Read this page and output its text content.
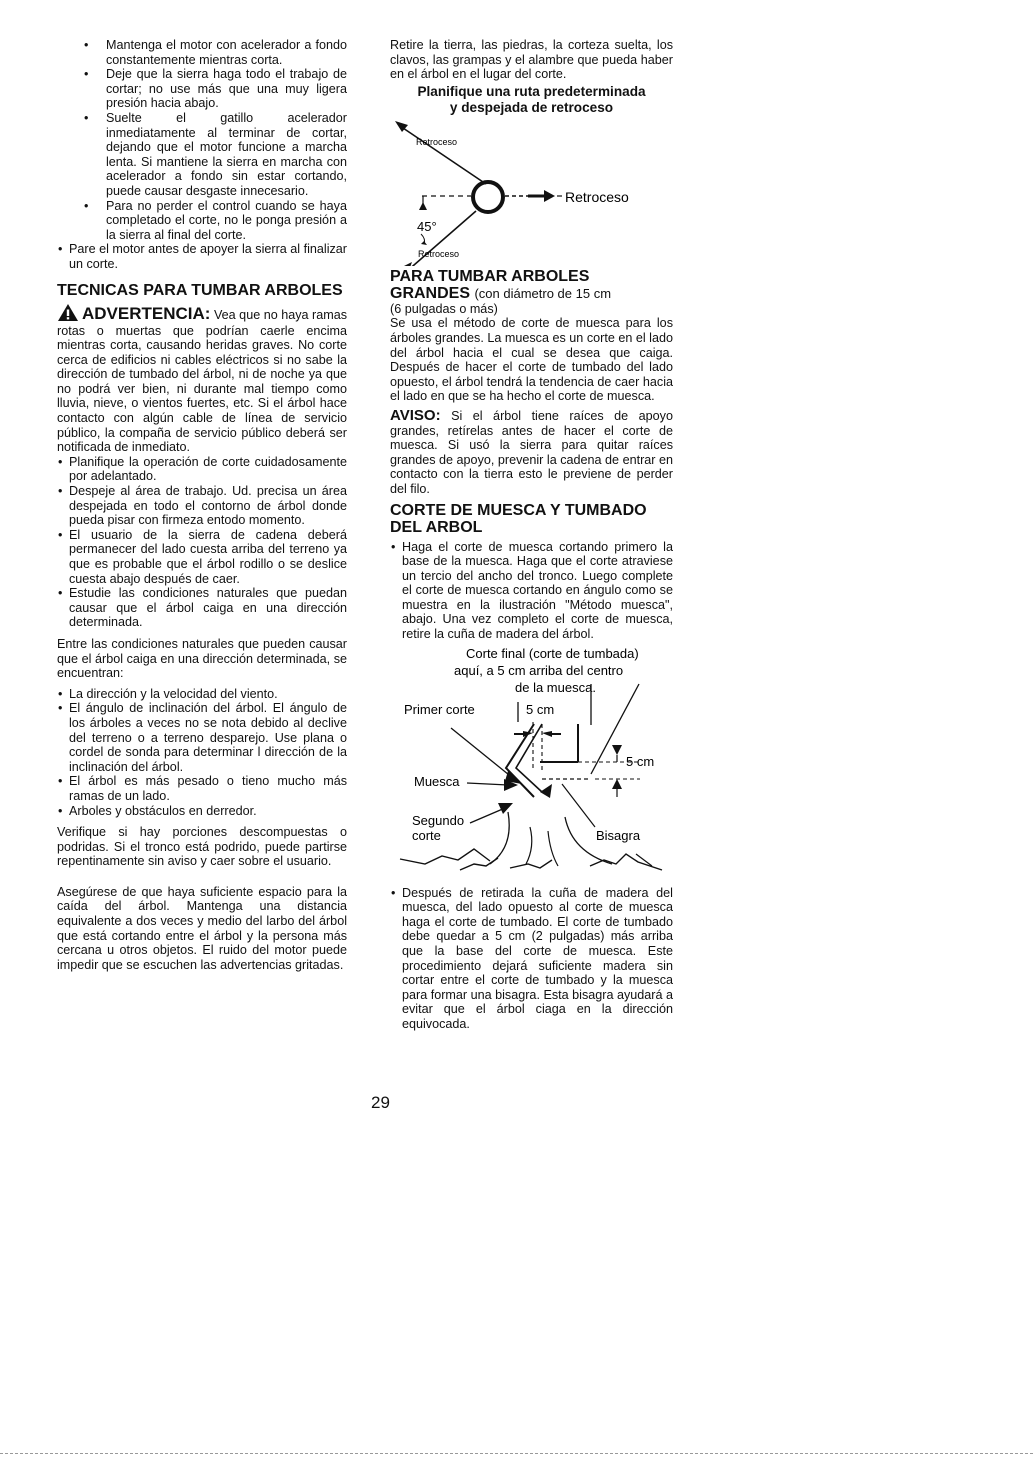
• Mantenga el motor con acelerador a fondo constantemente mientras corta.
• Deje que la sierra haga todo el trabajo de cortar; no use más que una muy ligera presión hacia abajo.
• Suelte el gatillo acelerador inmediatamente al terminar de cortar, dejando que el motor funcione a marcha lenta. Si mantiene la sierra en marcha con acelerador a fondo sin estar cortando, puede causar desgaste innecesario.
• Para no perder el control cuando se haya completado el corte, no le ponga presión a la sierra al final del corte.
• Pare el motor antes de apoyer la sierra al finalizar un corte.
TECNICAS PARA TUMBAR ARBOLES

ADVERTENCIA: Vea que no haya ramas rotas o muertas que podrían caerle encima mientras corta, causando heridas graves. No corte cerca de edificios ni cables eléctricos si no sabe la dirección de tumbado del árbol, ni de noche ya que no podrá ver bien, ni durante mal tiempo como lluvia, nieve, o vientos fuertes, etc. Si el árbol hace contacto con algún cable de línea de servicio público, la compaña de servicio público deberá ser notificada de inmediato.

• Planifique la operación de corte cuidadosamente por adelantado.
• Despeje al área de trabajo. Ud. precisa un área despejada en todo el contorno de árbol donde pueda pisar con firmeza entodo momento.
• El usuario de la sierra de cadena deberá permanecer del lado cuesta arriba del terreno ya que es probable que el árbol rodillo o se deslice cuesta abajo después de caer.
• Estudie las condiciones naturales que puedan causar que el árbol caiga en una dirección determinada.

Entre las condiciones naturales que pueden causar que el árbol caiga en una dirección determinada, se encuentran:

• La dirección y la velocidad del viento.
• El ángulo de inclinación del árbol. El ángulo de los árboles a veces no se nota debido al declive del terreno o a terreno desparejo. Use plana o cordel de sonda para determinar l dirección de la inclinación del árbol.
• El árbol es más pesado o tieno mucho más ramas de un lado.
• Arboles y obstáculos en derredor.

Verifique si hay porciones descompuestas o podridas. Si el tronco está podrido, puede partirse repentinamente sin aviso y caer sobre el usuario.

Asegúrese de que haya suficiente espacio para la caída del árbol. Mantenga una distancia equivalente a dos veces y medio del larbo del árbol que está cortando entre el árbol y la persona más cercana u otros objetos. El ruido del motor puede impedir que se escuchen las advertencias gritadas.

Retire la tierra, las piedras, la corteza suelta, los clavos, las grampas y el alambre que pueda haber en el árbol en el lugar del corte.

Planifique una ruta predeterminada
y despejada de retroceso
Retroceso
Retroceso
45°
Retroceso
PARA TUMBAR ARBOLES
GRANDES (con diámetro de 15 cm

(6 pulgadas o más)

Se usa el método de corte de muesca para los árboles grandes. La muesca es un corte en el lado del árbol hacia el cual se desea que caiga. Después de hacer el corte de tumbado del lado opuesto, el árbol tendrá la tendencia de caer hacia el lado en que se ha hecho el corte de muesca.

AVISO: Si el árbol tiene raíces de apoyo grandes, retírelas antes de hacer el corte de muesca. Si usó la sierra para quitar raíces grandes de apoyo, prevenir la cadena de entrar en contacto con la tierra esto le previene de perder del filo.

CORTE DE MUESCA Y TUMBADO DEL ARBOL
• Haga el corte de muesca cortando primero la base de la muesca. Haga que el corte atraviese un tercio del ancho del tronco. Luego complete el corte de muesca cortando en ángulo como se muestra en la ilustración "Método muesca", abajo. Una vez completo el corte de muesca, retire la cuña de madera del árbol.
Corte final (corte de tumbada)
aquí, a 5 cm arriba del centro
de la muesca.
Primer corte	5 cm
5 cm
Muesca
Segundo
corte	Bisagra
• Después de retirada la cuña de madera del muesca, del lado opuesto al corte de muesca haga el corte de tumbado. El corte de tumbado debe quedar a 5 cm (2 pulgadas) más arriba que la base del corte de muesca. Este procedimiento dejará suficiente madera sin cortar entre el corte de tumbado y la muesca para formar una bisagra. Esta bisagra ayudará a evitar que el árbol ciaga en la dirección equivocada.
29
